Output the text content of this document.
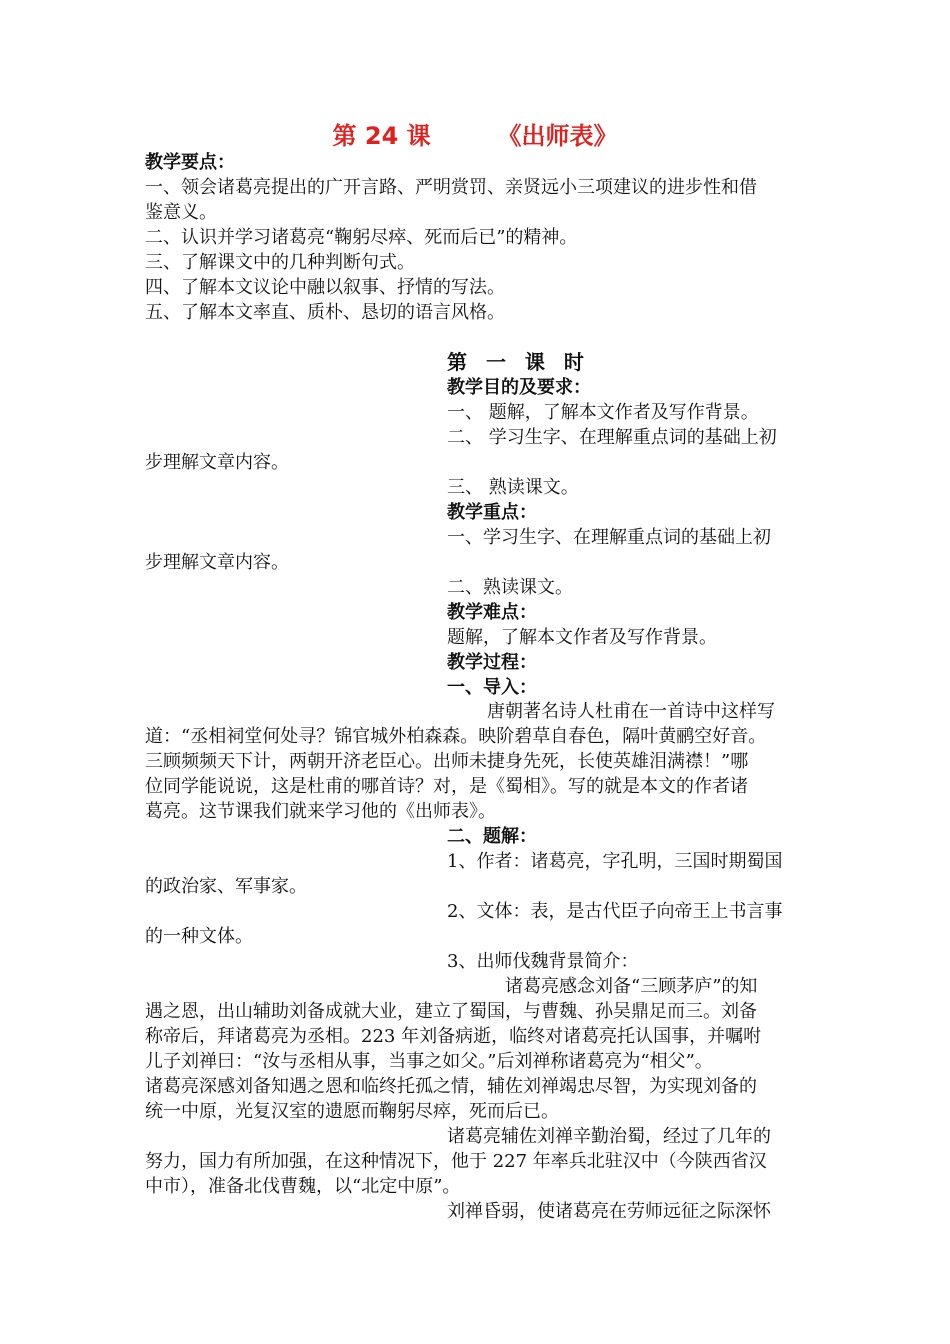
第 24 课        《出师表》
教学要点：
一、领会诸葛亮提出的广开言路、严明赏罚、亲贤远小三项建议的进步性和借
鉴意义。
二、认识并学习诸葛亮“鞠躬尽瘁、死而后已”的精神。
三、了解课文中的几种判断句式。
四、了解本文议论中融以叙事、抒情的写法。
五、了解本文率直、质朴、恳切的语言风格。
第 一 课 时
教学目的及要求：
一、 题解，了解本文作者及写作背景。
二、 学习生字、在理解重点词的基础上初
步理解文章内容。
三、 熟读课文。
教学重点：
一、学习生字、在理解重点词的基础上初
步理解文章内容。
二、熟读课文。
教学难点：
题解，了解本文作者及写作背景。
教学过程：
一、导入：
唐朝著名诗人杜甫在一首诗中这样写
道：“丞相祠堂何处寻？锦官城外柏森森。映阶碧草自春色，隔叶黄鹂空好音。
三顾频频天下计，两朝开济老臣心。出师未捷身先死，长使英雄泪满襟！”哪
位同学能说说，这是杜甫的哪首诗？对，是《蜀相》。写的就是本文的作者诸
葛亮。这节课我们就来学习他的《出师表》。
二、题解：
1、作者：诸葛亮，字孔明，三国时期蜀国
的政治家、军事家。
2、文体：表，是古代臣子向帝王上书言事
的一种文体。
3、出师伐魏背景简介：
诸葛亮感念刘备“三顾茅庐”的知
遇之恩，出山辅助刘备成就大业，建立了蜀国，与曹魏、孙吴鼎足而三。刘备
称帝后，拜诸葛亮为丞相。223 年刘备病逝，临终对诸葛亮托认国事，并嘱咐
儿子刘禅曰：“汝与丞相从事，当事之如父。”后刘禅称诸葛亮为“相父”。
诸葛亮深感刘备知遇之恩和临终托孤之情，辅佐刘禅竭忠尽智，为实现刘备的
统一中原，光复汉室的遗愿而鞠躬尽瘁，死而后已。
诸葛亮辅佐刘禅辛勤治蜀，经过了几年的
努力，国力有所加强，在这种情况下，他于 227 年率兵北驻汉中（今陕西省汉
中市），准备北伐曹魏，以“北定中原”。
刘禅昏弱，使诸葛亮在劳师远征之际深怀
